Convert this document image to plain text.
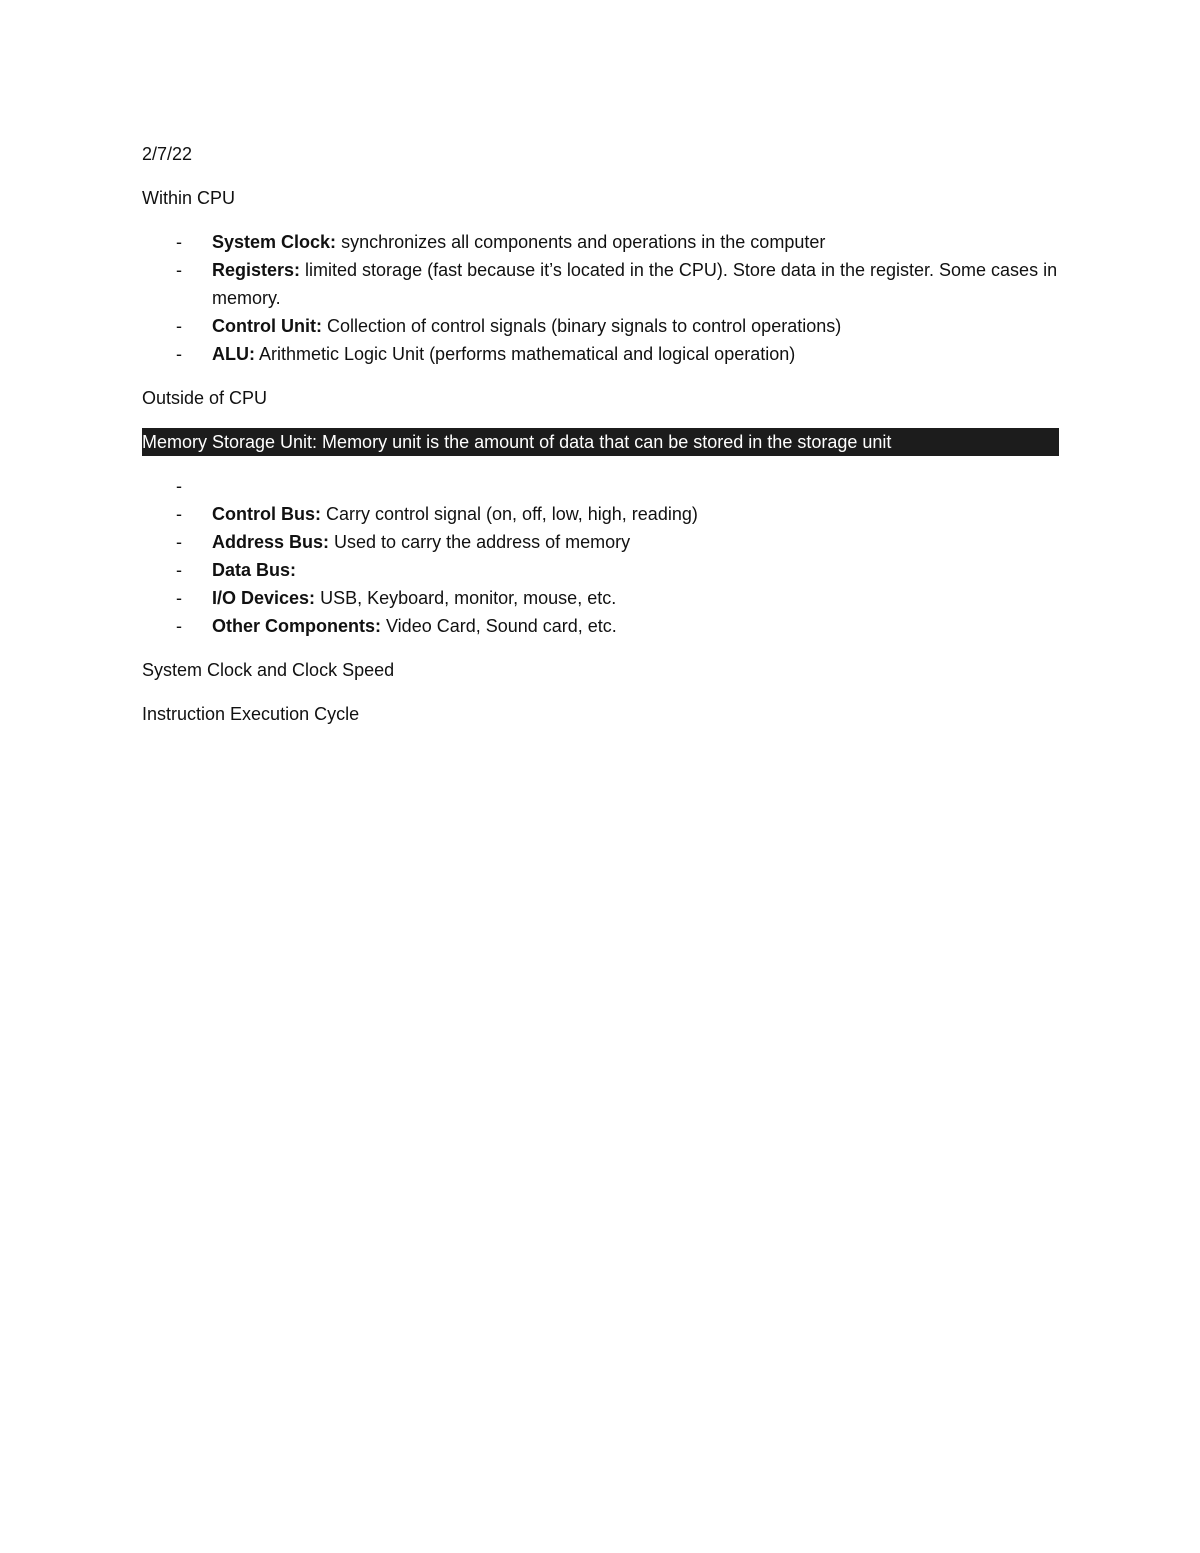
2/7/22
Within CPU
- System Clock: synchronizes all components and operations in the computer
- Registers: limited storage (fast because it’s located in the CPU). Store data in the register. Some cases in memory.
- Control Unit: Collection of control signals (binary signals to control operations)
- ALU: Arithmetic Logic Unit (performs mathematical and logical operation)
Outside of CPU
Memory Storage Unit: Memory unit is the amount of data that can be stored in the storage unit
-
- Control Bus: Carry control signal (on, off, low, high, reading)
- Address Bus: Used to carry the address of memory
- Data Bus:
- I/O Devices: USB, Keyboard, monitor, mouse, etc.
- Other Components: Video Card, Sound card, etc.
System Clock and Clock Speed
Instruction Execution Cycle
